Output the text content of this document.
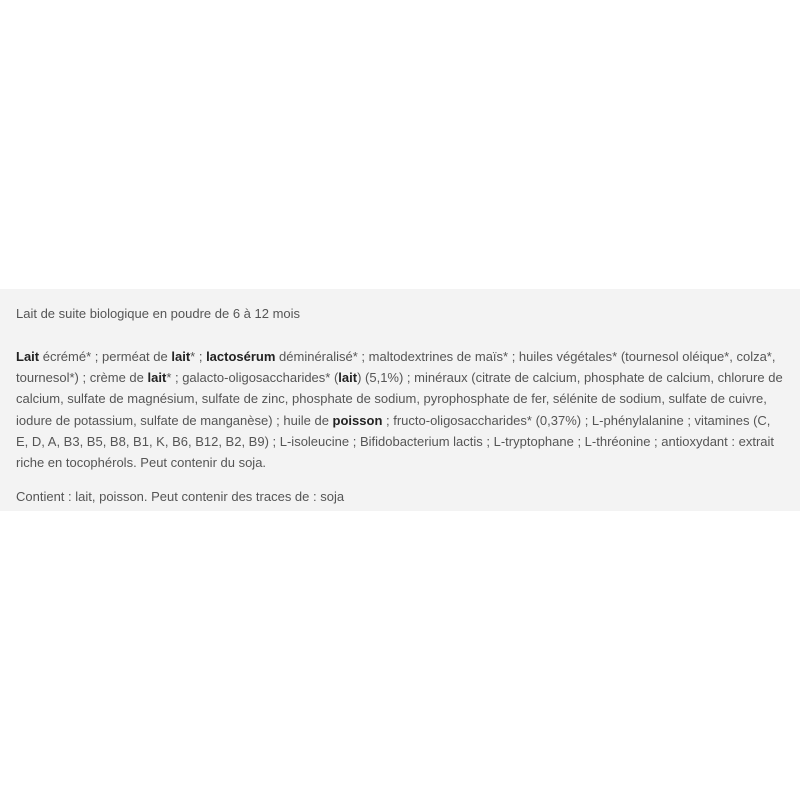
Lait de suite biologique en poudre de 6 à 12 mois

Lait écrémé* ; perméat de lait* ; lactosérum déminéralisé* ; maltodextrines de maïs* ; huiles végétales* (tournesol oléique*, colza*, tournesol*) ; crème de lait* ; galacto-oligosaccharides* (lait) (5,1%) ; minéraux (citrate de calcium, phosphate de calcium, chlorure de calcium, sulfate de magnésium, sulfate de zinc, phosphate de sodium, pyrophosphate de fer, sélénite de sodium, sulfate de cuivre, iodure de potassium, sulfate de manganèse) ; huile de poisson ; fructo-oligosaccharides* (0,37%) ; L-phénylalanine ; vitamines (C, E, D, A, B3, B5, B8, B1, K, B6, B12, B2, B9) ; L-isoleucine ; Bifidobacterium lactis ; L-tryptophane ; L-thréonine ; antioxydant : extrait riche en tocophérols. Peut contenir du soja.

Contient : lait, poisson. Peut contenir des traces de : soja
